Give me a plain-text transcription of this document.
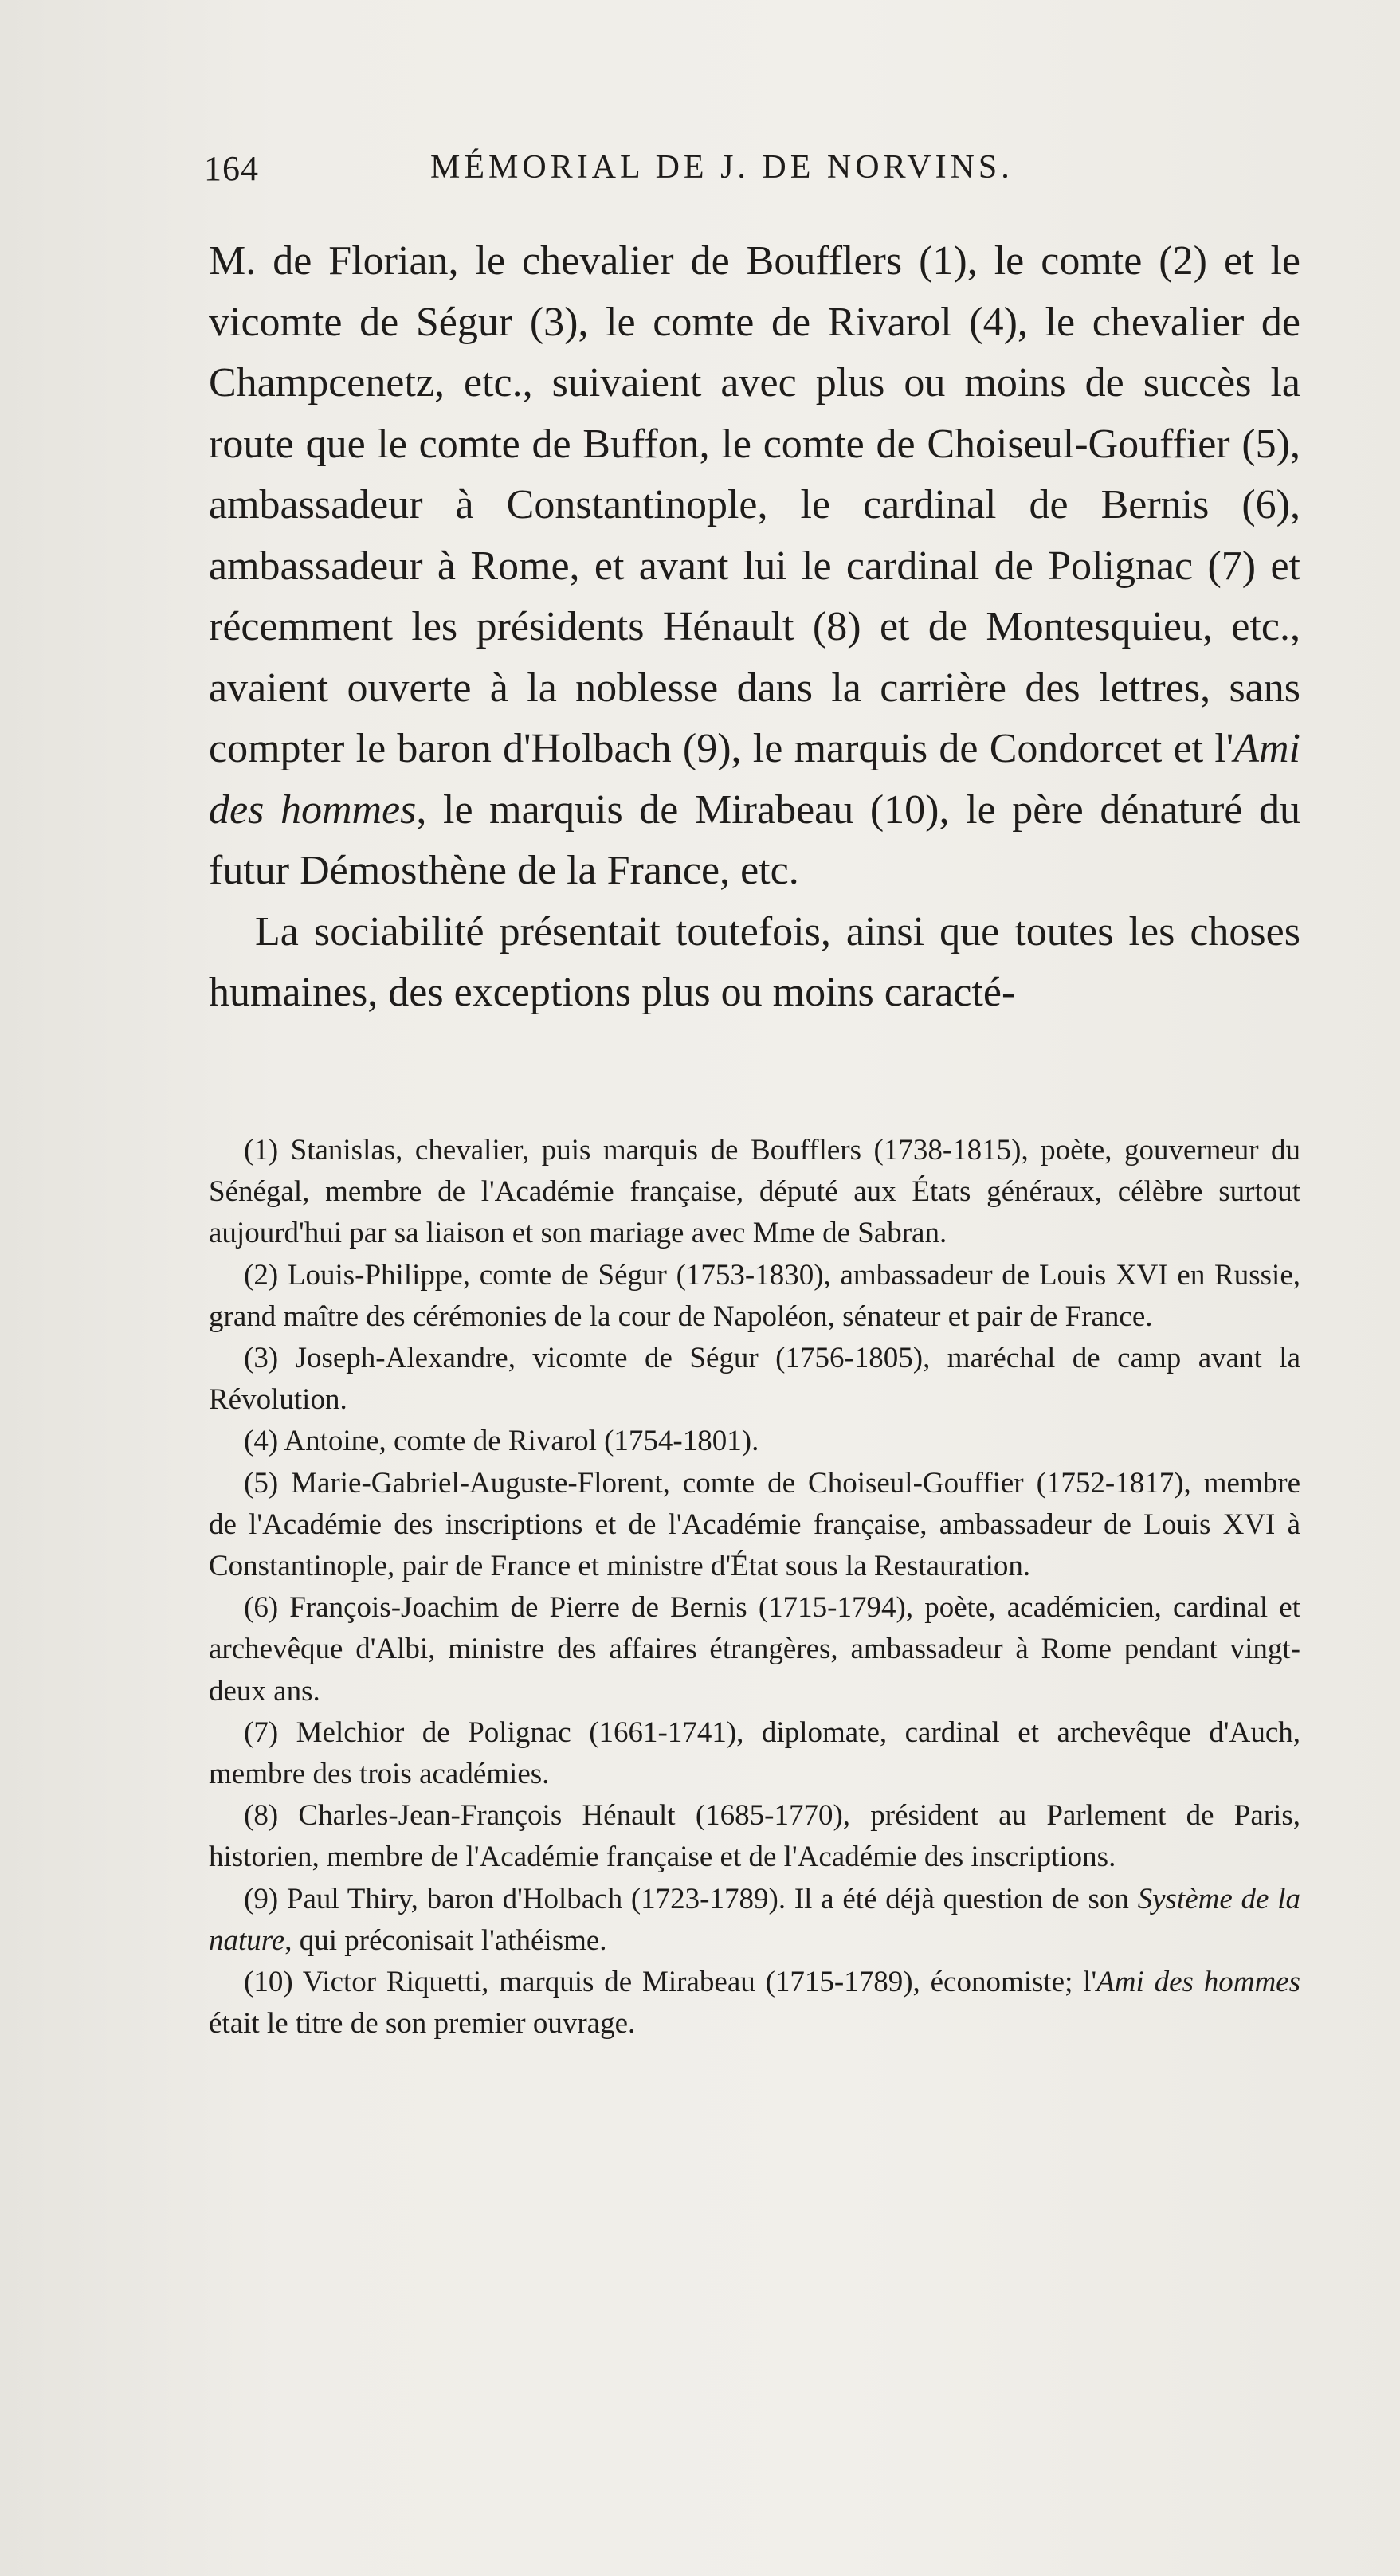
164	MÉMORIAL DE J. DE NORVINS.

M. de Florian, le chevalier de Boufflers (1), le comte (2) et le vicomte de Ségur (3), le comte de Rivarol (4), le chevalier de Champcenetz, etc., suivaient avec plus ou moins de succès la route que le comte de Buffon, le comte de Choiseul-Gouffier (5), ambassadeur à Constantinople, le cardinal de Bernis (6), ambassadeur à Rome, et avant lui le cardinal de Polignac (7) et récemment les présidents Hénault (8) et de Montesquieu, etc., avaient ouverte à la noblesse dans la carrière des lettres, sans compter le baron d'Holbach (9), le marquis de Condorcet et l'Ami des hommes, le marquis de Mirabeau (10), le père dénaturé du futur Démosthène de la France, etc.

La sociabilité présentait toutefois, ainsi que toutes les choses humaines, des exceptions plus ou moins caracté-

(1) Stanislas, chevalier, puis marquis de Boufflers (1738-1815), poète, gouverneur du Sénégal, membre de l'Académie française, député aux États généraux, célèbre surtout aujourd'hui par sa liaison et son mariage avec Mme de Sabran.

(2) Louis-Philippe, comte de Ségur (1753-1830), ambassadeur de Louis XVI en Russie, grand maître des cérémonies de la cour de Napoléon, sénateur et pair de France.

(3) Joseph-Alexandre, vicomte de Ségur (1756-1805), maréchal de camp avant la Révolution.

(4) Antoine, comte de Rivarol (1754-1801).

(5) Marie-Gabriel-Auguste-Florent, comte de Choiseul-Gouffier (1752-1817), membre de l'Académie des inscriptions et de l'Académie française, ambassadeur de Louis XVI à Constantinople, pair de France et ministre d'État sous la Restauration.

(6) François-Joachim de Pierre de Bernis (1715-1794), poète, académicien, cardinal et archevêque d'Albi, ministre des affaires étrangères, ambassadeur à Rome pendant vingt-deux ans.

(7) Melchior de Polignac (1661-1741), diplomate, cardinal et archevêque d'Auch, membre des trois académies.

(8) Charles-Jean-François Hénault (1685-1770), président au Parlement de Paris, historien, membre de l'Académie française et de l'Académie des inscriptions.

(9) Paul Thiry, baron d'Holbach (1723-1789). Il a été déjà question de son Système de la nature, qui préconisait l'athéisme.

(10) Victor Riquetti, marquis de Mirabeau (1715-1789), économiste; l'Ami des hommes était le titre de son premier ouvrage.
